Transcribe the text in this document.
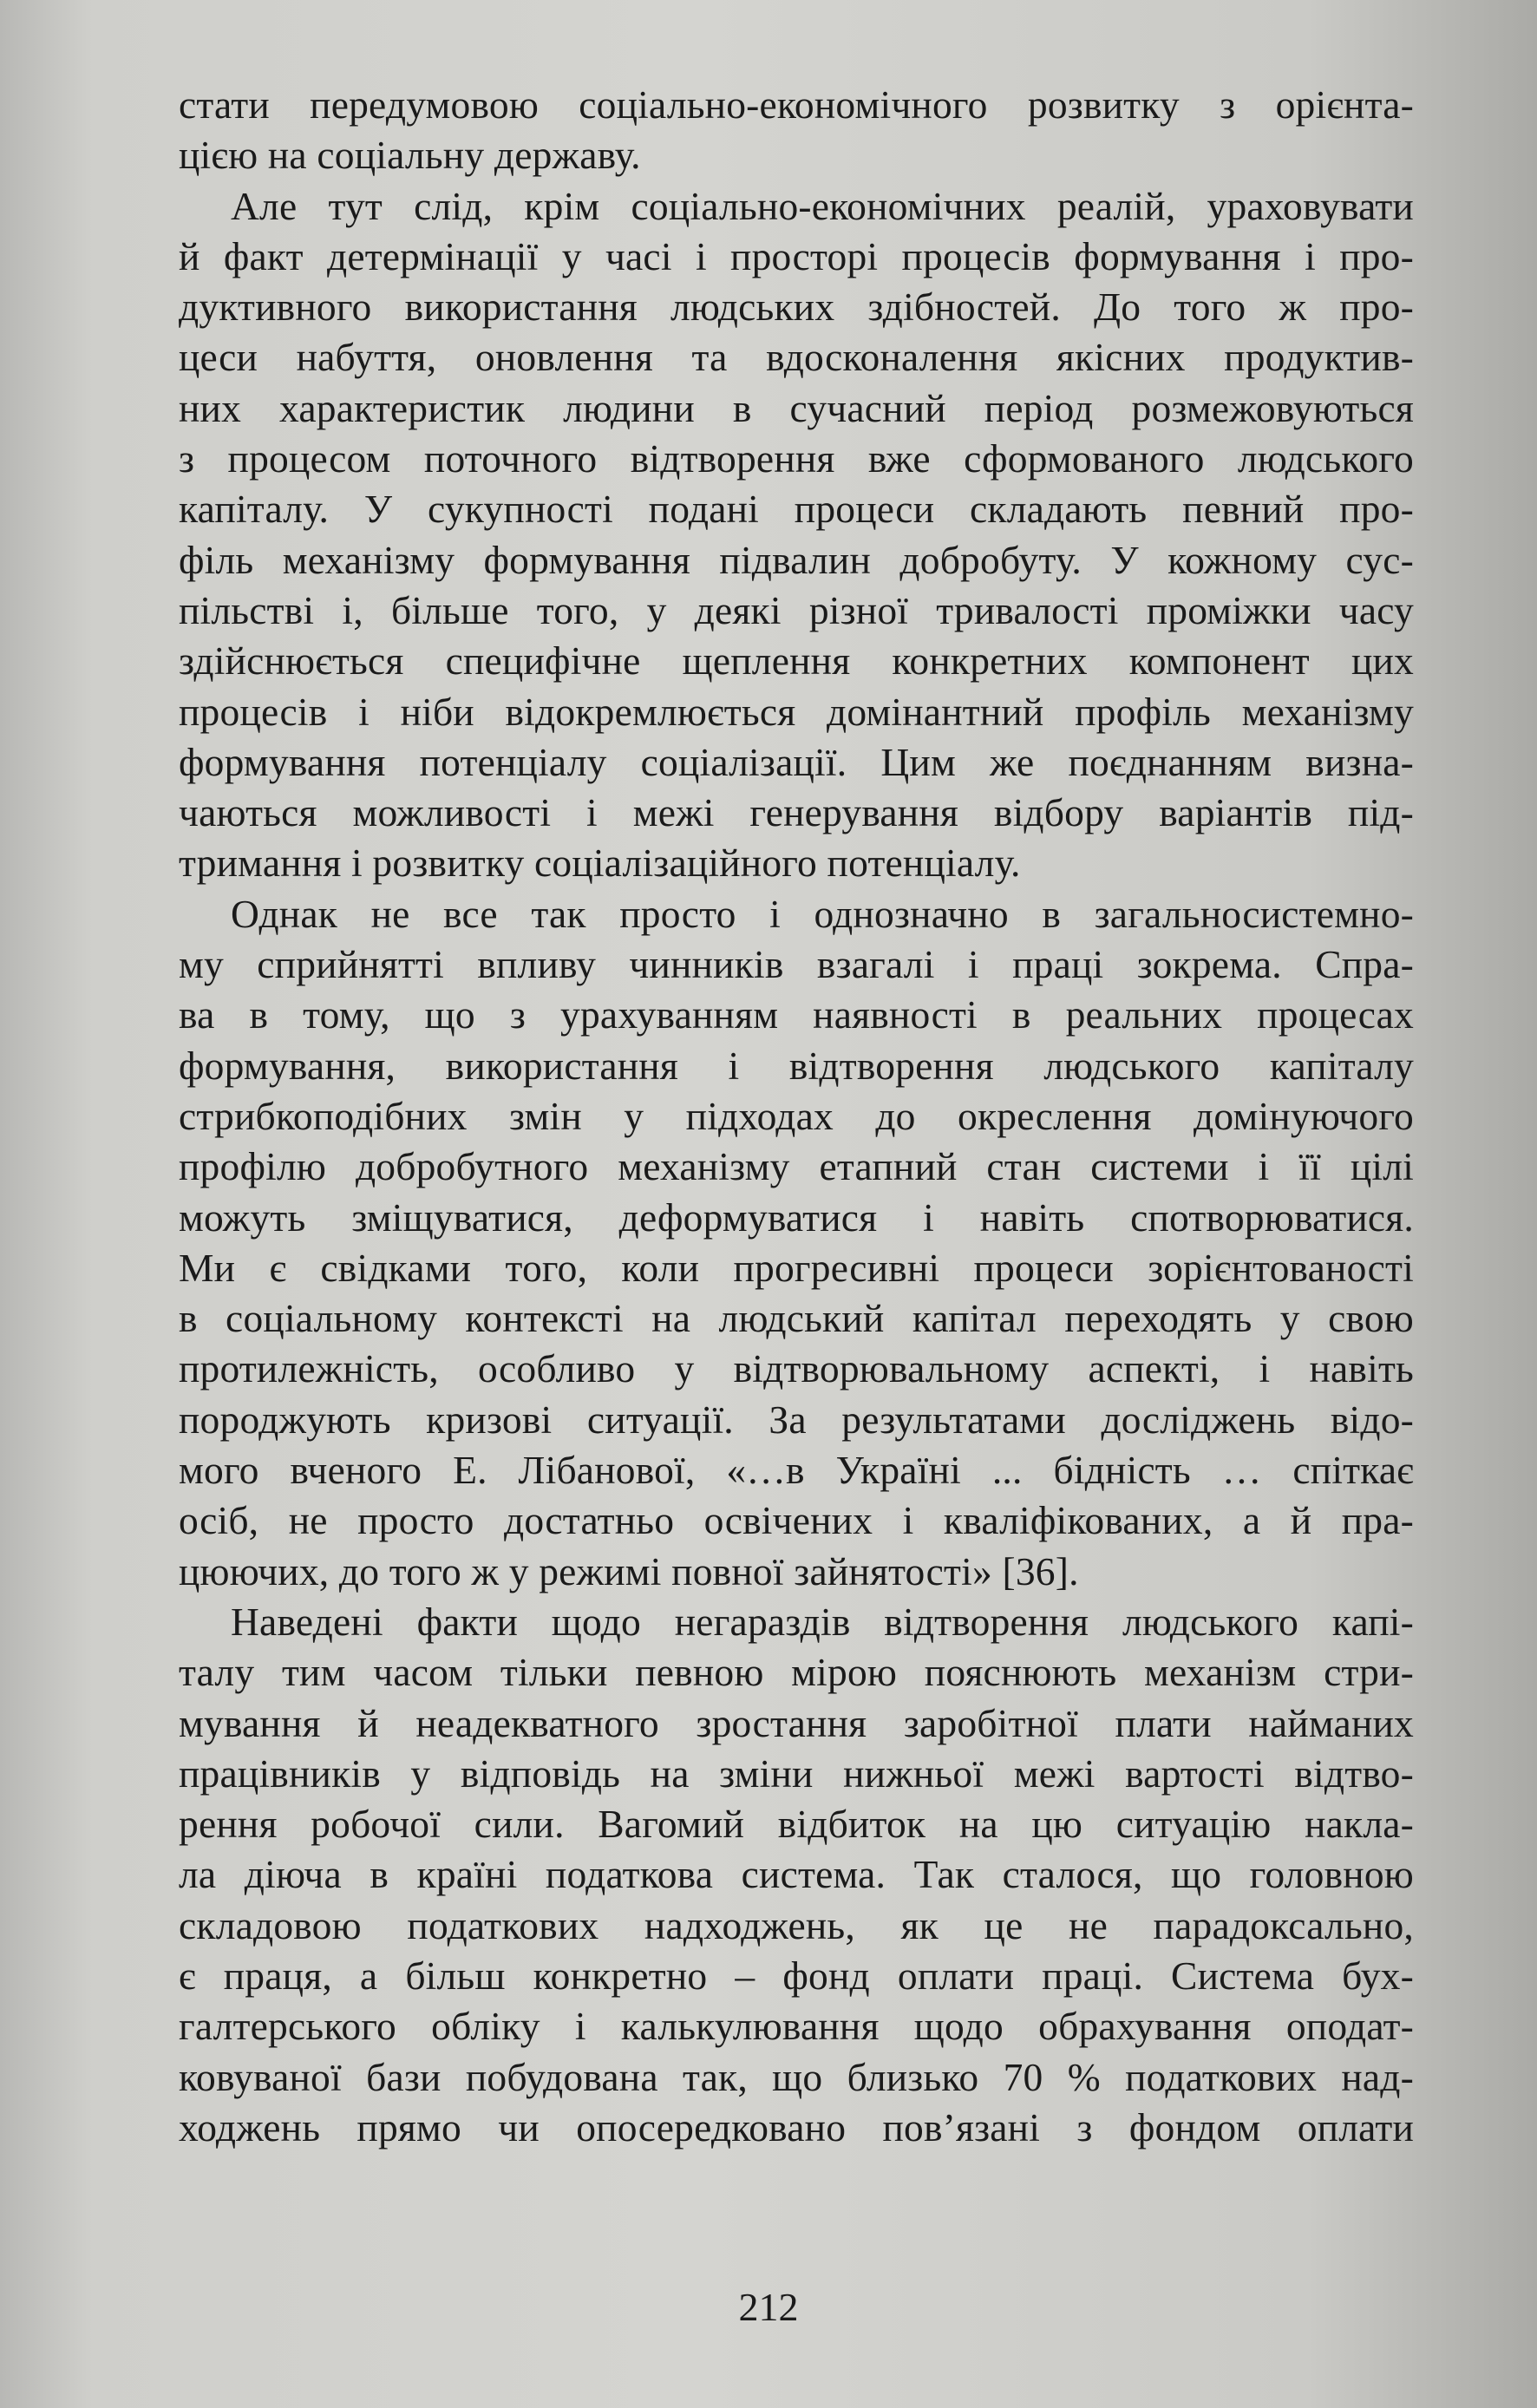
стати передумовою соціально-економічного розвитку з орієнта-
цією на соціальну державу.
Але тут слід, крім соціально-економічних реалій, ураховувати
й факт детермінації у часі і просторі процесів формування і про-
дуктивного використання людських здібностей. До того ж про-
цеси набуття, оновлення та вдосконалення якісних продуктив-
них характеристик людини в сучасний період розмежовуються
з процесом поточного відтворення вже сформованого людського
капіталу. У сукупності подані процеси складають певний про-
філь механізму формування підвалин добробуту. У кожному сус-
пільстві і, більше того, у деякі різної тривалості проміжки часу
здійснюється специфічне щеплення конкретних компонент цих
процесів і ніби відокремлюється домінантний профіль механізму
формування потенціалу соціалізації. Цим же поєднанням визна-
чаються можливості і межі генерування відбору варіантів під-
тримання і розвитку соціалізаційного потенціалу.
Однак не все так просто і однозначно в загальносистемно-
му сприйнятті впливу чинників взагалі і праці зокрема. Спра-
ва в тому, що з урахуванням наявності в реальних процесах
формування, використання і відтворення людського капіталу
стрибкоподібних змін у підходах до окреслення домінуючого
профілю добробутного механізму етапний стан системи і її цілі
можуть зміщуватися, деформуватися і навіть спотворюватися.
Ми є свідками того, коли прогресивні процеси зорієнтованості
в соціальному контексті на людський капітал переходять у свою
протилежність, особливо у відтворювальному аспекті, і навіть
породжують кризові ситуації. За результатами досліджень відо-
мого вченого Е. Лібанової, «…в Україні ... бідність … спіткає
осіб, не просто достатньо освічених і кваліфікованих, а й пра-
цюючих, до того ж у режимі повної зайнятості» [36].
Наведені факти щодо негараздів відтворення людського капі-
талу тим часом тільки певною мірою пояснюють механізм стри-
мування й неадекватного зростання заробітної плати найманих
працівників у відповідь на зміни нижньої межі вартості відтво-
рення робочої сили. Вагомий відбиток на цю ситуацію накла-
ла діюча в країні податкова система. Так сталося, що головною
складовою податкових надходжень, як це не парадоксально,
є праця, а більш конкретно – фонд оплати праці. Система бух-
галтерського обліку і калькулювання щодо обрахування оподат-
ковуваної бази побудована так, що близько 70 % податкових над-
ходжень прямо чи опосередковано пов’язані з фондом оплати
212
